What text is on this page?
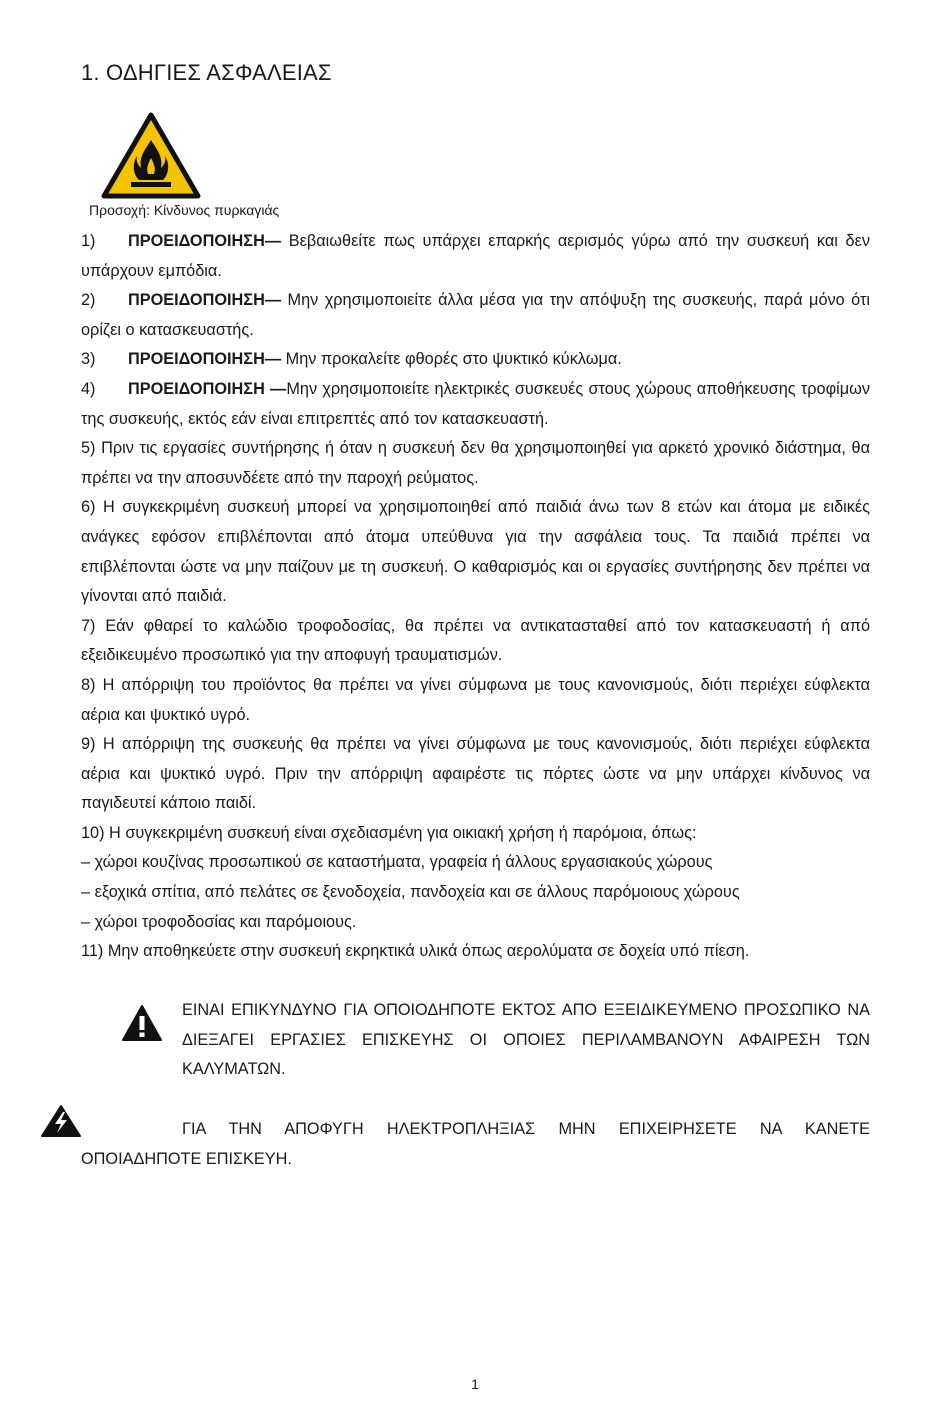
1. ΟΔΗΓΙΕΣ ΑΣΦΑΛΕΙΑΣ

Προσοχή: Κίνδυνος πυρκαγιάς

1) ΠΡΟΕΙΔΟΠΟΙΗΣΗ— Βεβαιωθείτε πως υπάρχει επαρκής αερισμός γύρω από την συσκευή και δεν υπάρχουν εμπόδια.

2) ΠΡΟΕΙΔΟΠΟΙΗΣΗ— Μην χρησιμοποιείτε άλλα μέσα για την απόψυξη της συσκευής, παρά μόνο ότι ορίζει ο κατασκευαστής.

3) ΠΡΟΕΙΔΟΠΟΙΗΣΗ— Μην προκαλείτε φθορές στο ψυκτικό κύκλωμα.

4) ΠΡΟΕΙΔΟΠΟΙΗΣΗ —Μην χρησιμοποιείτε ηλεκτρικές συσκευές στους χώρους αποθήκευσης τροφίμων της συσκευής, εκτός εάν είναι επιτρεπτές από τον κατασκευαστή.

5) Πριν τις εργασίες συντήρησης ή όταν η συσκευή δεν θα χρησιμοποιηθεί για αρκετό χρονικό διάστημα, θα πρέπει να την αποσυνδέετε από την παροχή ρεύματος.

6) Η συγκεκριμένη συσκευή μπορεί να χρησιμοποιηθεί από παιδιά άνω των 8 ετών και άτομα με ειδικές ανάγκες εφόσον επιβλέπονται από άτομα υπεύθυνα για την ασφάλεια τους. Τα παιδιά πρέπει να επιβλέπονται ώστε να μην παίζουν με τη συσκευή. Ο καθαρισμός και οι εργασίες συντήρησης δεν πρέπει να γίνονται από παιδιά.

7) Εάν φθαρεί το καλώδιο τροφοδοσίας, θα πρέπει να αντικατασταθεί από τον κατασκευαστή ή από εξειδικευμένο προσωπικό για την αποφυγή τραυματισμών.

8) Η απόρριψη του προϊόντος θα πρέπει να γίνει σύμφωνα με τους κανονισμούς, διότι περιέχει εύφλεκτα αέρια και ψυκτικό υγρό.

9) Η απόρριψη της συσκευής θα πρέπει να γίνει σύμφωνα με τους κανονισμούς, διότι περιέχει εύφλεκτα αέρια και ψυκτικό υγρό. Πριν την απόρριψη αφαιρέστε τις πόρτες ώστε να μην υπάρχει κίνδυνος να παγιδευτεί κάποιο παιδί.

10) Η συγκεκριμένη συσκευή είναι σχεδιασμένη για οικιακή χρήση ή παρόμοια, όπως:

– χώροι κουζίνας προσωπικού σε καταστήματα, γραφεία ή άλλους εργασιακούς χώρους

– εξοχικά σπίτια, από πελάτες σε ξενοδοχεία, πανδοχεία και σε άλλους παρόμοιους χώρους

– χώροι τροφοδοσίας και παρόμοιους.

11) Μην αποθηκεύετε στην συσκευή εκρηκτικά υλικά όπως αερολύματα σε δοχεία υπό πίεση.

ΕΙΝΑΙ ΕΠΙΚΥΝΔΥΝΟ ΓΙΑ ΟΠΟΙΟΔΗΠΟΤΕ ΕΚΤΟΣ ΑΠΟ ΕΞΕΙΔΙΚΕΥΜΕΝΟ ΠΡΟΣΩΠΙΚΟ ΝΑ ΔΙΕΞΑΓΕΙ ΕΡΓΑΣΙΕΣ ΕΠΙΣΚΕΥΗΣ ΟΙ ΟΠΟΙΕΣ ΠΕΡΙΛΑΜΒΑΝΟΥΝ ΑΦΑΙΡΕΣΗ ΤΩΝ ΚΑΛΥΜΑΤΩΝ.

ΓΙΑ ΤΗΝ ΑΠΟΦΥΓΗ ΗΛΕΚΤΡΟΠΛΗΞΙΑΣ ΜΗΝ ΕΠΙΧΕΙΡΗΣΕΤΕ ΝΑ ΚΑΝΕΤΕ
ΟΠΟΙΑΔΗΠΟΤΕ ΕΠΙΣΚΕΥΗ.

1
